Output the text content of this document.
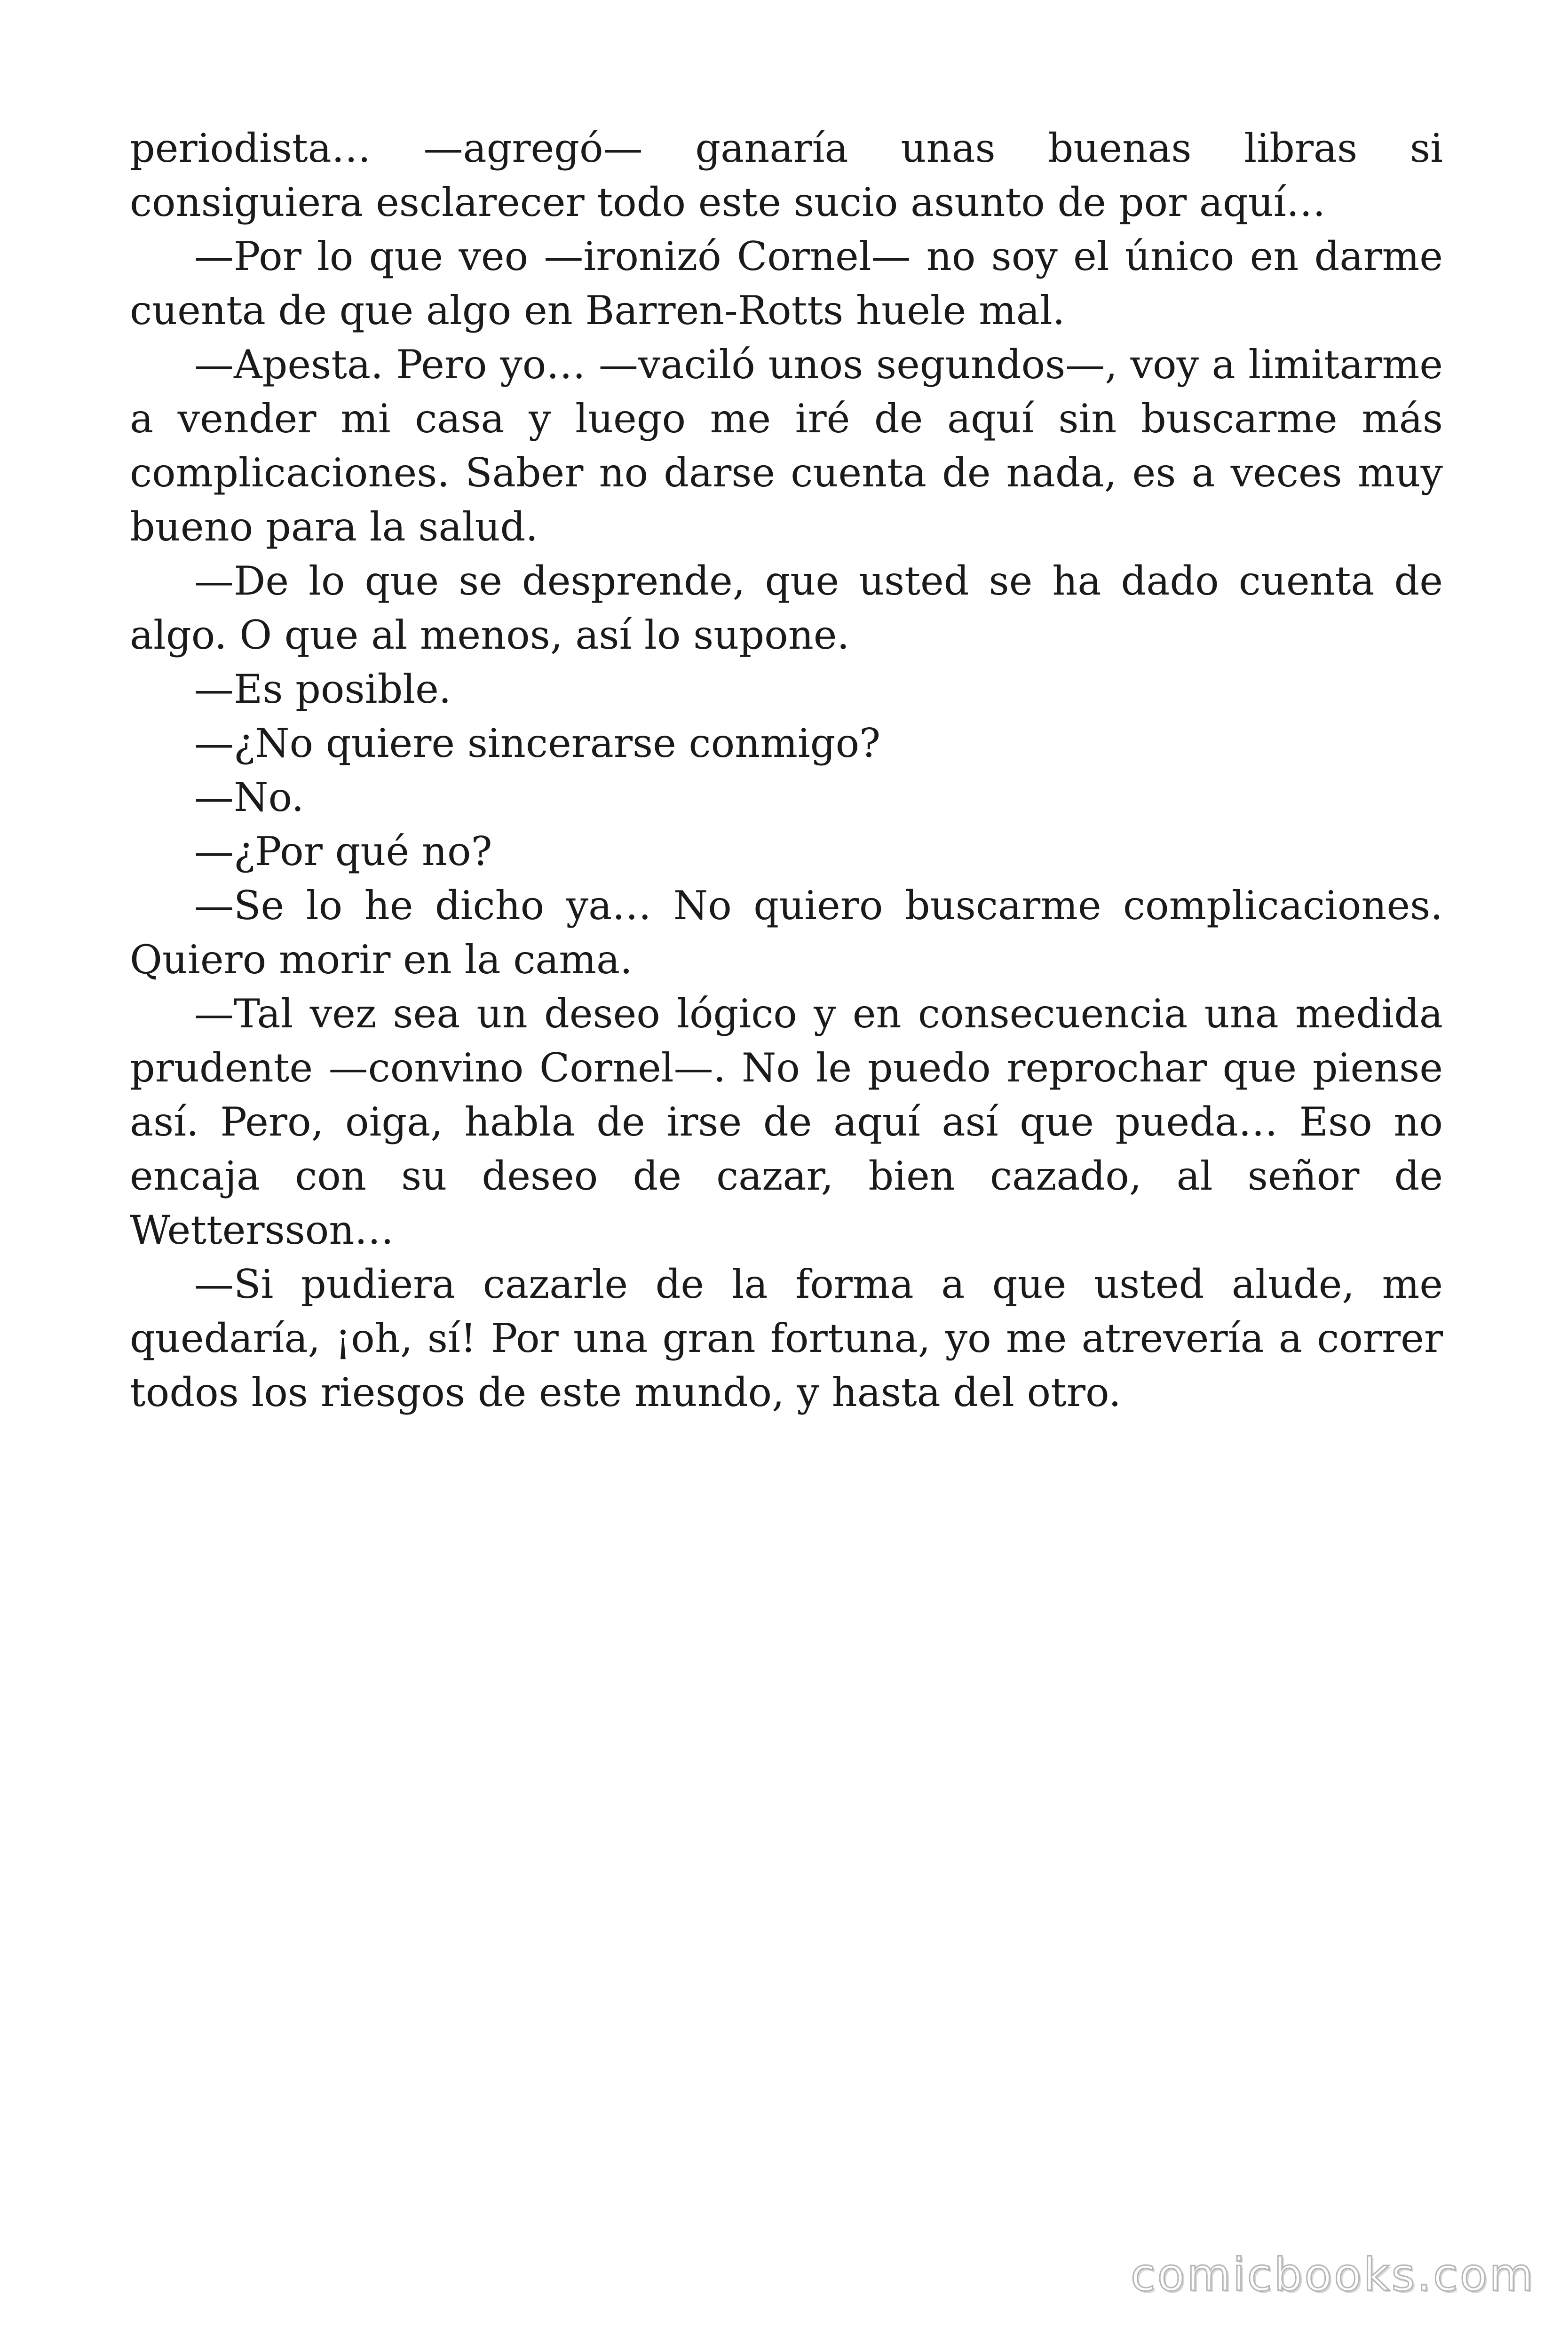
periodista… —agregó— ganaría unas buenas libras si consiguiera esclarecer todo este sucio asunto de por aquí…

—Por lo que veo —ironizó Cornel— no soy el único en darme cuenta de que algo en Barren-Rotts huele mal.

—Apesta. Pero yo… —vaciló unos segundos—, voy a limitarme a vender mi casa y luego me iré de aquí sin buscarme más complicaciones. Saber no darse cuenta de nada, es a veces muy bueno para la salud.

—De lo que se desprende, que usted se ha dado cuenta de algo. O que al menos, así lo supone.

—Es posible.

—¿No quiere sincerarse conmigo?

—No.

—¿Por qué no?

—Se lo he dicho ya… No quiero buscarme complicaciones. Quiero morir en la cama.

—Tal vez sea un deseo lógico y en consecuencia una medida prudente —convino Cornel—. No le puedo reprochar que piense así. Pero, oiga, habla de irse de aquí así que pueda… Eso no encaja con su deseo de cazar, bien cazado, al señor de Wettersson…

—Si pudiera cazarle de la forma a que usted alude, me quedaría, ¡oh, sí! Por una gran fortuna, yo me atrevería a correr todos los riesgos de este mundo, y hasta del otro.

comicbooks.com
